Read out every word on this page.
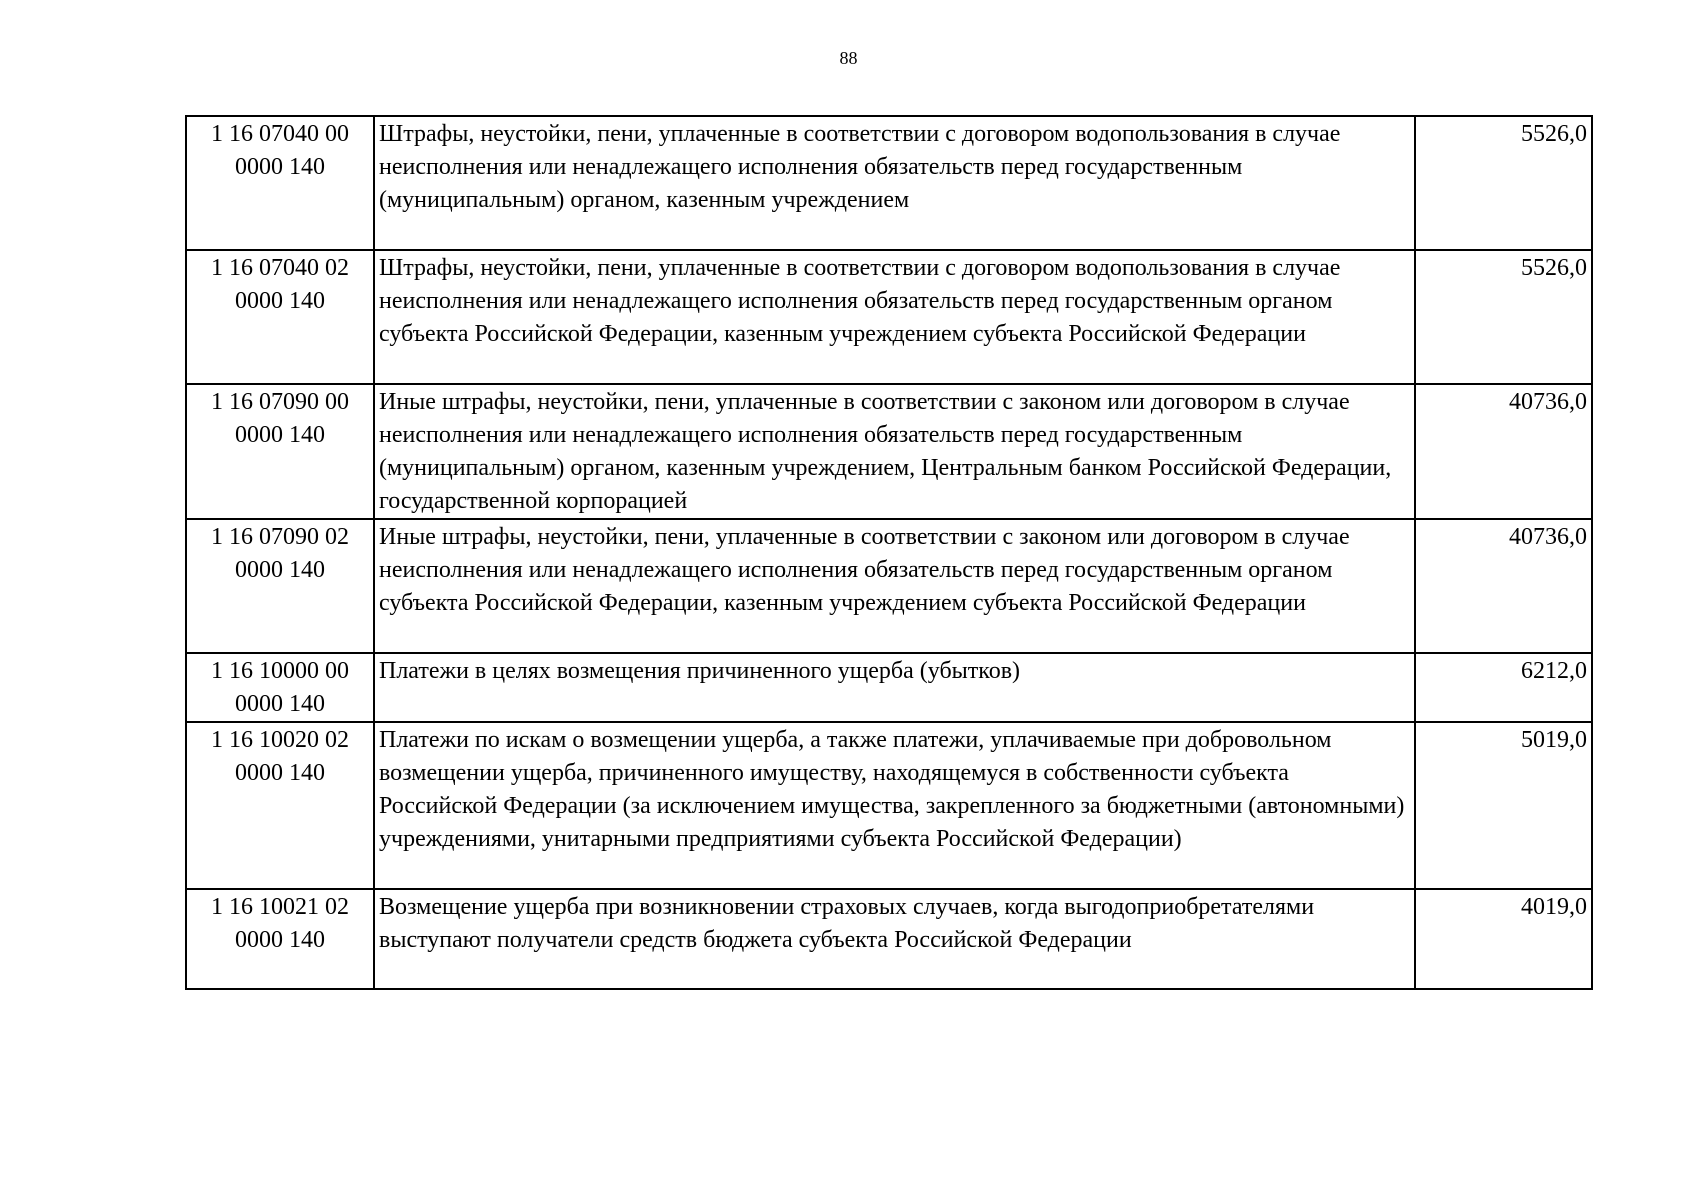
88
1 16 07040 00 0000 140	Штрафы, неустойки, пени, уплаченные в соответствии с договором водопользования в случае неисполнения или ненадлежащего исполнения обязательств перед государственным (муниципальным) органом, казенным учреждением	5526,0
1 16 07040 02 0000 140	Штрафы, неустойки, пени, уплаченные в соответствии с договором водопользования в случае неисполнения или ненадлежащего исполнения обязательств перед государственным органом субъекта Российской Федерации, казенным учреждением субъекта Российской Федерации	5526,0
1 16 07090 00 0000 140	Иные штрафы, неустойки, пени, уплаченные в соответствии с законом или договором в случае неисполнения или ненадлежащего исполнения обязательств перед государственным (муниципальным) органом, казенным учреждением, Центральным банком Российской Федерации, государственной корпорацией	40736,0
1 16 07090 02 0000 140	Иные штрафы, неустойки, пени, уплаченные в соответствии с законом или договором в случае неисполнения или ненадлежащего исполнения обязательств перед государственным органом субъекта Российской Федерации, казенным учреждением субъекта Российской Федерации	40736,0
1 16 10000 00 0000 140	Платежи в целях возмещения причиненного ущерба (убытков)	6212,0
1 16 10020 02 0000 140	Платежи по искам о возмещении ущерба, а также платежи, уплачиваемые при добровольном возмещении ущерба, причиненного имуществу, находящемуся в собственности субъекта Российской Федерации (за исключением имущества, закрепленного за бюджетными (автономными) учреждениями, унитарными предприятиями субъекта Российской Федерации)	5019,0
1 16 10021 02 0000 140	Возмещение ущерба при возникновении страховых случаев, когда выгодоприобретателями выступают получатели средств бюджета субъекта Российской Федерации	4019,0
